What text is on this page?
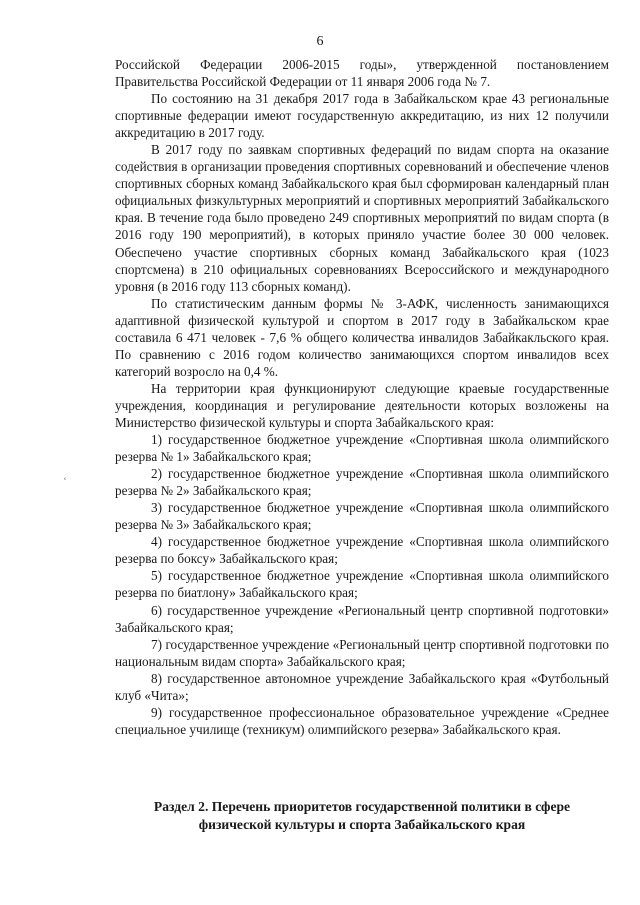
6
ʿ

Российской Федерации 2006-2015 годы», утвержденной постановлением Правительства Российской Федерации от 11 января 2006 года № 7.

По состоянию на 31 декабря 2017 года в Забайкальском крае 43 региональные спортивные федерации имеют государственную аккредитацию, из них 12 получили аккредитацию в 2017 году.

В 2017 году по заявкам спортивных федераций по видам спорта на оказание содействия в организации проведения спортивных соревнований и обеспечение членов спортивных сборных команд Забайкальского края был сформирован календарный план официальных физкультурных мероприятий и спортивных мероприятий Забайкальского края. В течение года было проведено 249 спортивных мероприятий по видам спорта (в 2016 году 190 мероприятий), в которых приняло участие более 30 000 человек. Обеспечено участие спортивных сборных команд Забайкальского края (1023 спортсмена) в 210 официальных соревнованиях Всероссийского и международного уровня (в 2016 году 113 сборных команд).

По статистическим данным формы № 3-АФК, численность занимающихся адаптивной физической культурой и спортом в 2017 году в Забайкальском крае составила 6 471 человек - 7,6 % общего количества инвалидов Забайкакльского края. По сравнению с 2016 годом количество занимающихся спортом инвалидов всех категорий возросло на 0,4 %.

На территории края функционируют следующие краевые государственные учреждения, координация и регулирование деятельности которых возложены на Министерство физической культуры и спорта Забайкальского края:

1) государственное бюджетное учреждение «Спортивная школа олимпийского резерва № 1» Забайкальского края;

2) государственное бюджетное учреждение «Спортивная школа олимпийского резерва № 2» Забайкальского края;

3) государственное бюджетное учреждение «Спортивная школа олимпийского резерва № 3» Забайкальского края;

4) государственное бюджетное учреждение «Спортивная школа олимпийского резерва по боксу» Забайкальского края;

5) государственное бюджетное учреждение «Спортивная школа олимпийского резерва по биатлону» Забайкальского края;

6) государственное учреждение «Региональный центр спортивной подготовки» Забайкальского края;

7) государственное учреждение «Региональный центр спортивной подготовки по национальным видам спорта» Забайкальского края;

8) государственное автономное учреждение Забайкальского края «Футбольный клуб «Чита»;

9) государственное профессиональное образовательное учреждение «Среднее специальное училище (техникум) олимпийского резерва» Забайкальского края.

Раздел 2. Перечень приоритетов государственной политики в сфере
физической культуры и спорта Забайкальского края
